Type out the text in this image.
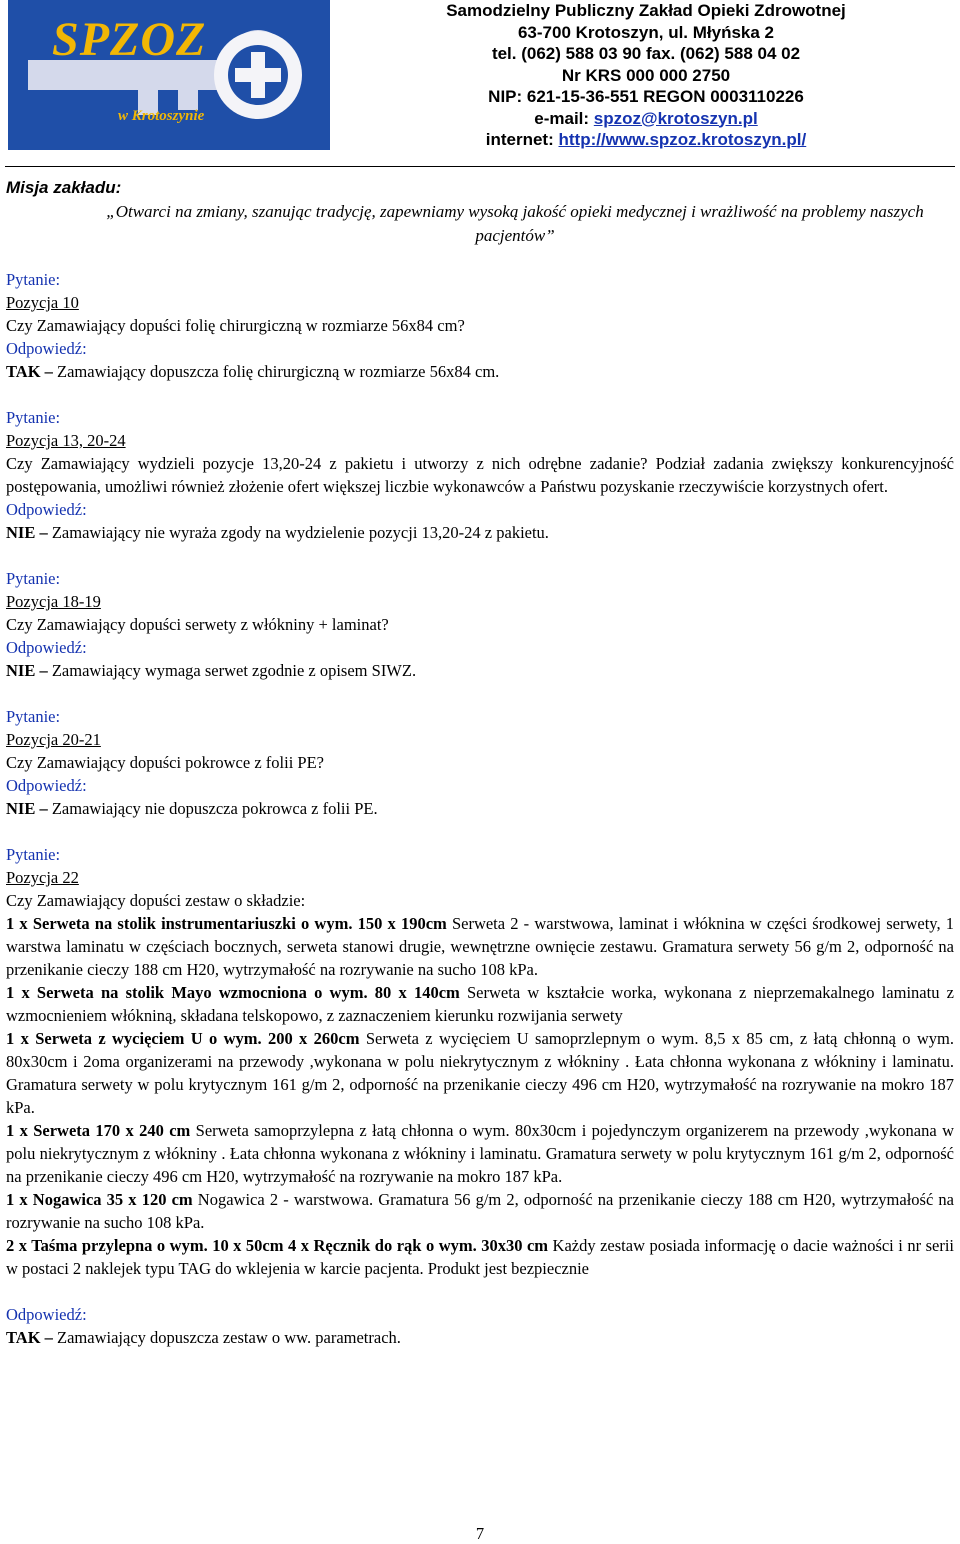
SPZOZ
w Krotoszynie
Samodzielny Publiczny Zakład Opieki Zdrowotnej
63-700 Krotoszyn, ul. Młyńska 2
tel. (062) 588 03 90 fax. (062) 588 04 02
Nr KRS 000 000 2750
NIP: 621-15-36-551 REGON 0003110226
e-mail: spzoz@krotoszyn.pl
internet: http://www.spzoz.krotoszyn.pl/
Misja zakładu:
„Otwarci na zmiany, szanując tradycję, zapewniamy wysoką jakość opieki medycznej i wrażliwość na problemy naszych pacjentów”

Pytanie:

Pozycja 10

Czy Zamawiający dopuści folię chirurgiczną w rozmiarze 56x84 cm?

Odpowiedź:

TAK – Zamawiający dopuszcza folię chirurgiczną w rozmiarze 56x84 cm.

Pytanie:

Pozycja 13, 20-24

Czy Zamawiający wydzieli pozycje 13,20-24 z pakietu i utworzy z nich odrębne zadanie? Podział zadania zwiększy konkurencyjność postępowania, umożliwi również złożenie ofert większej liczbie wykonawców a Państwu pozyskanie rzeczywiście korzystnych ofert.

Odpowiedź:

NIE – Zamawiający nie wyraża zgody na wydzielenie pozycji 13,20-24 z pakietu.

Pytanie:

Pozycja 18-19

Czy Zamawiający dopuści serwety z włókniny + laminat?

Odpowiedź:

NIE – Zamawiający wymaga serwet zgodnie z opisem SIWZ.

Pytanie:

Pozycja 20-21

Czy Zamawiający dopuści pokrowce z folii PE?

Odpowiedź:

NIE – Zamawiający nie dopuszcza pokrowca z folii PE.

Pytanie:

Pozycja 22

Czy Zamawiający dopuści zestaw o składzie:

1 x Serweta na stolik instrumentariuszki o wym. 150 x 190cm Serweta 2 - warstwowa, laminat i włóknina w części środkowej serwety, 1 warstwa laminatu w częściach bocznych, serweta stanowi drugie, wewnętrzne ownięcie zestawu. Gramatura serwety 56 g/m 2, odporność na przenikanie cieczy 188 cm H20, wytrzymałość na rozrywanie na sucho 108 kPa.

1 x Serweta na stolik Mayo wzmocniona o wym. 80 x 140cm Serweta w kształcie worka, wykonana z nieprzemakalnego laminatu z wzmocnieniem włókniną, składana telskopowo, z zaznaczeniem kierunku rozwijania serwety

1 x Serweta z wycięciem U o wym. 200 x 260cm Serweta z wycięciem U samoprzlepnym o wym. 8,5 x 85 cm, z łatą chłonną o wym. 80x30cm i 2oma organizerami na przewody ,wykonana w polu niekrytycznym z włókniny . Łata chłonna wykonana z włókniny i laminatu. Gramatura serwety w polu krytycznym 161 g/m 2, odporność na przenikanie cieczy 496 cm H20, wytrzymałość na rozrywanie na mokro 187 kPa.

1 x Serweta 170 x 240 cm Serweta samoprzylepna z łatą chłonna o wym. 80x30cm i pojedynczym organizerem na przewody ,wykonana w polu niekrytycznym z włókniny . Łata chłonna wykonana z włókniny i laminatu. Gramatura serwety w polu krytycznym 161 g/m 2, odporność na przenikanie cieczy 496 cm H20, wytrzymałość na rozrywanie na mokro 187 kPa.

1 x Nogawica 35 x 120 cm Nogawica 2 - warstwowa. Gramatura 56 g/m 2, odporność na przenikanie cieczy 188 cm H20, wytrzymałość na rozrywanie na sucho 108 kPa.

2 x Taśma przylepna o wym. 10 x 50cm 4 x Ręcznik do rąk o wym. 30x30 cm Każdy zestaw posiada informację o dacie ważności i nr serii w postaci 2 naklejek typu TAG do wklejenia w karcie pacjenta. Produkt jest bezpiecznie

Odpowiedź:

TAK – Zamawiający dopuszcza zestaw o ww. parametrach.

7
